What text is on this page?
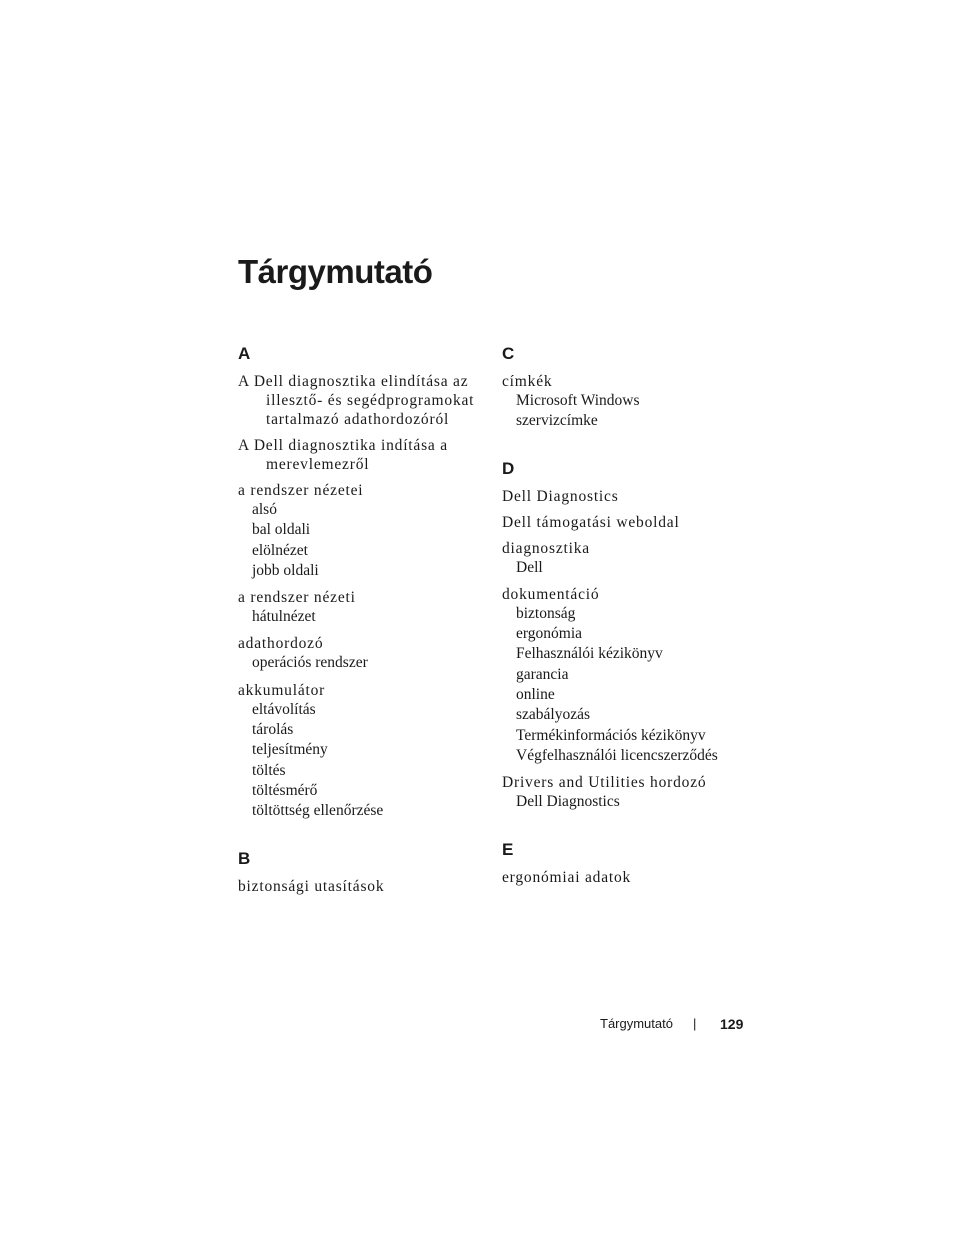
Tárgymutató
A
A Dell diagnosztika elindítása az illesztő- és segédprogramokat tartalmazó adathordozóról
A Dell diagnosztika indítása a merevlemezről
a rendszer nézetei
alsó
bal oldali
elölnézet
jobb oldali
a rendszer nézeti
hátulnézet
adathordozó
operációs rendszer
akkumulátor
eltávolítás
tárolás
teljesítmény
töltés
töltésmérő
töltöttség ellenőrzése
B
biztonsági utasítások
C
címkék
Microsoft Windows
szervizcímke
D
Dell Diagnostics
Dell támogatási weboldal
diagnosztika
Dell
dokumentáció
biztonság
ergonómia
Felhasználói kézikönyv
garancia
online
szabályozás
Termékinformációs kézikönyv
Végfelhasználói licencszerződés
Drivers and Utilities hordozó
Dell Diagnostics
E
ergonómiai adatok
Tárgymutató | 129
